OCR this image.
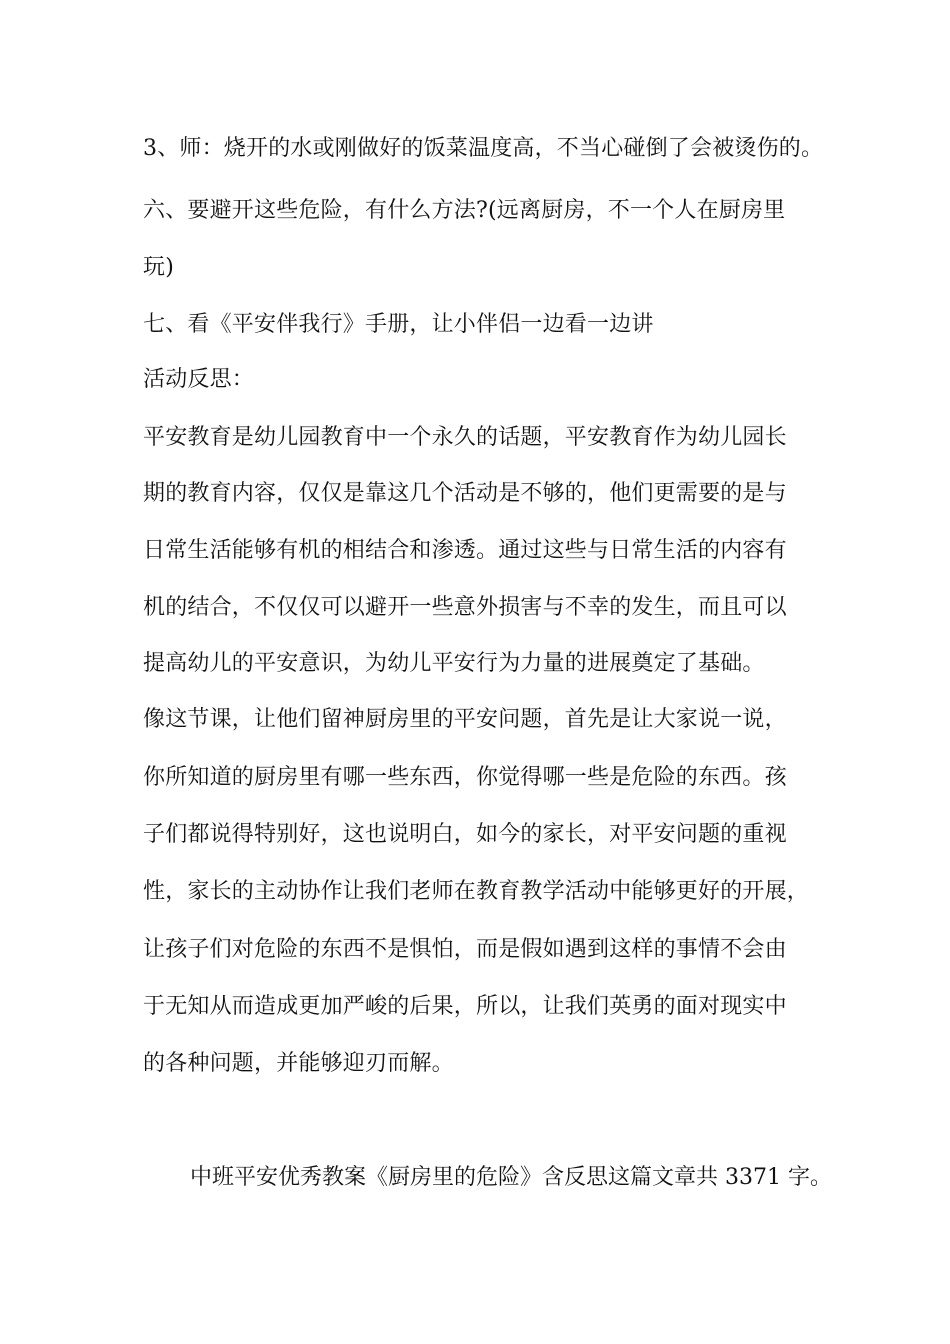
3、师：烧开的水或刚做好的饭菜温度高，不当心碰倒了会被烫伤的。
六、要避开这些危险，有什么方法?(远离厨房，不一个人在厨房里
玩)
七、看《平安伴我行》手册，让小伴侣一边看一边讲
活动反思：
平安教育是幼儿园教育中一个永久的话题，平安教育作为幼儿园长
期的教育内容，仅仅是靠这几个活动是不够的，他们更需要的是与
日常生活能够有机的相结合和渗透。通过这些与日常生活的内容有
机的结合，不仅仅可以避开一些意外损害与不幸的发生，而且可以
提高幼儿的平安意识，为幼儿平安行为力量的进展奠定了基础。
像这节课，让他们留神厨房里的平安问题，首先是让大家说一说，
你所知道的厨房里有哪一些东西，你觉得哪一些是危险的东西。孩
子们都说得特别好，这也说明白，如今的家长，对平安问题的重视
性，家长的主动协作让我们老师在教育教学活动中能够更好的开展，
让孩子们对危险的东西不是惧怕，而是假如遇到这样的事情不会由
于无知从而造成更加严峻的后果，所以，让我们英勇的面对现实中
的各种问题，并能够迎刃而解。
中班平安优秀教案《厨房里的危险》含反思这篇文章共 3371 字。
